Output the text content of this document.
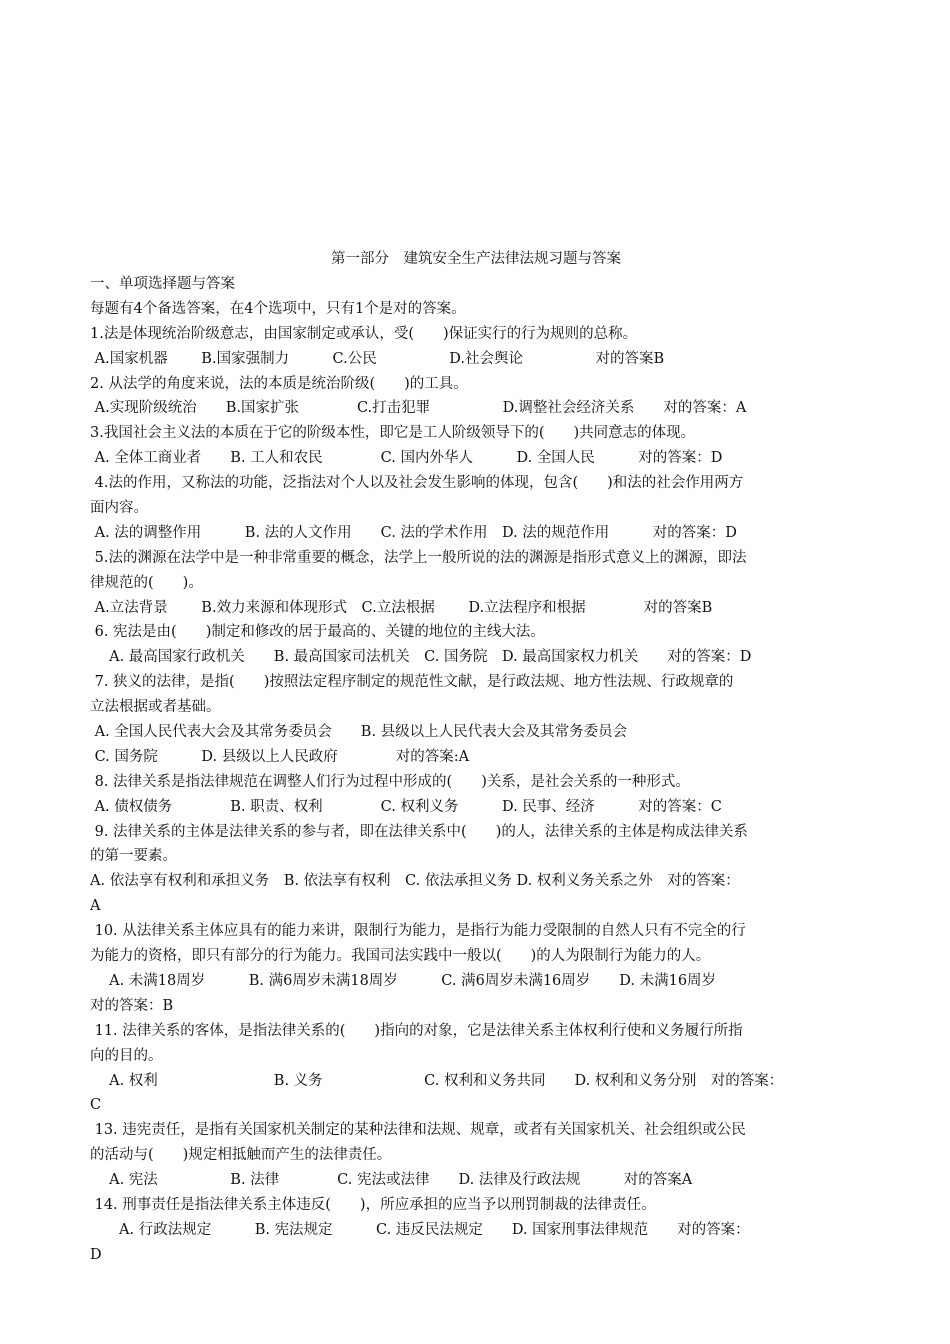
第一部分　建筑安全生产法律法规习题与答案
一、单项选择题与答案
每题有4个备选答案，在4个选项中，只有1个是对的答案。
1.法是体现统治阶级意志，由国家制定或承认，受(　　)保证实行的行为规则的总称。
A.国家机器　　 B.国家强制力　　　C.公民　　　　　D.社会舆论　　　　　对的答案B
2. 从法学的角度来说，法的本质是统治阶级(　　)的工具。
A.实现阶级统治　　B.国家扩张　　　　C.打击犯罪　　　　　D.调整社会经济关系　　对的答案：A
3.我国社会主义法的本质在于它的阶级本性，即它是工人阶级领导下的(　　)共同意志的体现。
A. 全体工商业者　　B. 工人和农民　　　　C. 国内外华人　　　D. 全国人民　　　对的答案：D
4.法的作用，又称法的功能，泛指法对个人以及社会发生影响的体现，包含(　　)和法的社会作用两方
面内容。
A. 法的调整作用　　　B. 法的人文作用　　C. 法的学术作用　D. 法的规范作用　　　对的答案：D
5.法的渊源在法学中是一种非常重要的概念，法学上一般所说的法的渊源是指形式意义上的渊源，即法
律规范的(　　)。
A.立法背景　　 B.效力来源和体现形式　C.立法根据　　 D.立法程序和根据　　　　对的答案B
6. 宪法是由(　　)制定和修改的居于最高的、关键的地位的主线大法。
　 A. 最高国家行政机关　　B. 最高国家司法机关　C. 国务院　D. 最高国家权力机关　　对的答案：D
7. 狭义的法律，是指(　　)按照法定程序制定的规范性文献，是行政法规、地方性法规、行政规章的
立法根据或者基础。
A. 全国人民代表大会及其常务委员会　　B. 县级以上人民代表大会及其常务委员会
C. 国务院　　　D. 县级以上人民政府　　　　对的答案:A
8. 法律关系是指法律规范在调整人们行为过程中形成的(　　)关系，是社会关系的一种形式。
A. 债权债务　　　　B. 职责、权利　　　　C. 权利义务　　　D. 民事、经济　　　对的答案：C
9. 法律关系的主体是法律关系的参与者，即在法律关系中(　　)的人，法律关系的主体是构成法律关系
的第一要素。
A. 依法享有权利和承担义务　B. 依法享有权利　C. 依法承担义务 D. 权利义务关系之外　对的答案：
A
10. 从法律关系主体应具有的能力来讲，限制行为能力，是指行为能力受限制的自然人只有不完全的行
为能力的资格，即只有部分的行为能力。我国司法实践中一般以(　　)的人为限制行为能力的人。
　 A. 未满18周岁　　　B. 满6周岁未满18周岁　　　C. 满6周岁未满16周岁　　D. 未满16周岁
对的答案：B
11. 法律关系的客体，是指法律关系的(　　)指向的对象，它是法律关系主体权利行使和义务履行所指
向的目的。
　 A. 权利　　　　　　　　B. 义务　　　　　　　C. 权利和义务共同　　D. 权利和义务分别　对的答案：
C
13. 违宪责任，是指有关国家机关制定的某种法律和法规、规章，或者有关国家机关、社会组织或公民
的活动与(　　)规定相抵触而产生的法律责任。
　 A. 宪法　　　　　B. 法律　　　　C. 宪法或法律　　D. 法律及行政法规　　　对的答案A
14. 刑事责任是指法律关系主体违反(　　)，所应承担的应当予以刑罚制裁的法律责任。
　　A. 行政法规定　　　B. 宪法规定　　　C. 违反民法规定　　D. 国家刑事法律规范　　对的答案：
D
